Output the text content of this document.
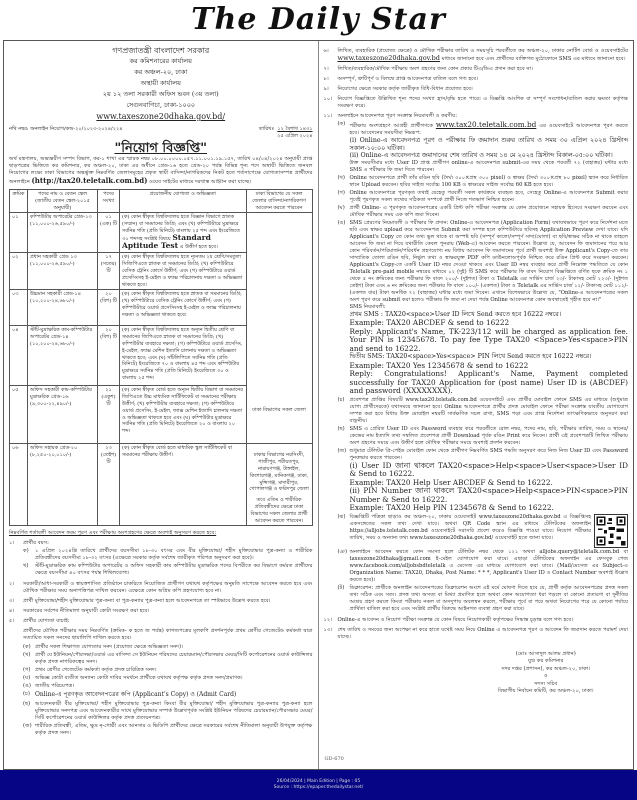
The Daily Star
গণপ্রজাতন্ত্রী বাংলাদেশ সরকার
কর কমিশনারের কার্যালয়
কর অঞ্চল-২০, ঢাকা
অস্থায়ী কার্যালয়
২য় ১২ তলা সরকারী অফিস ভবন (৩য় তলা)
সেগুনবাগিচা, ঢাকা-১০০০
www.taxeszone20dhaka.gov.bd/
নথি নম্বর: অনলাইন নিয়োগ/কঅ-২০/২০২৩-২০২৪/২২৪	তারিখঃ ১২ বৈশাখ ১৪৩১
২৫ এপ্রিল ২০২৪
"নিয়োগ বিজ্ঞপ্তি"

অর্থ মন্ত্রণালয়, অভ্যন্তরীণ সম্পদ বিভাগ, কর-১ শাখা এর স্মারক নম্বর ০৮.০০.০০০০.০৫৭.১১.০০১.১৯.১৫৭, তারিখ ০৪/০৪/২০২৪ অনুযায়ী প্রাপ্ত ছাড়পত্রের ভিত্তিতে কর কমিশনার, কর অঞ্চল-২০, ঢাকা এর অধীনে গ্রেড-১৬ হতে গ্রেড-২০ পর্যন্ত বিভিন্ন শূন্য পদে অস্থায়ী ভিত্তিতে জনবল নিয়োগের লক্ষ্যে ঢাকা বিভাগের অন্তর্ভুক্ত নিম্নবর্ণিত জেলাসমূহের প্রকৃত স্থায়ী বাসিন্দা/নাগরিকদের নিকট হতে শর্তসাপেক্ষে যোগ্যতাসম্পন্ন প্রার্থীদের অনলাইনে (http://tax20.teletalk.com.bd) ওয়েব সাইটের মাধ্যমে দরখাস্ত আহ্বান করা যাচ্ছে।

ক্রমিক	পদের নাম ও বেতন স্কেল (জাতীয় বেতন স্কেল-২০১৫ অনুযায়ী)	পদের সংখ্যা	প্রয়োজনীয় যোগ্যতা ও অভিজ্ঞতা	ঢাকা বিভাগের যে সকল জেলার বাসিন্দা/নাগরিকগণ আবেদন করতে পারবেন
০১	কম্পিউটার অপারেটর গ্রেড-১৩ (১১,০০০-২৬,৫৯০/-)	০১ (এক) টি	(ক) কোন স্বীকৃত বিশ্ববিদ্যালয় হতে বিজ্ঞান বিভাগে স্নাতক (সম্মান) বা সমমানের ডিগ্রি; এবং (খ) কম্পিউটারে মুদ্রাক্ষরে সর্বনিম্ন গতি (প্রতি মিনিটে) বাংলায় ২৫ শব্দ এবং ইংরেজিতে ৩০ শব্দসহ সংশ্লিষ্ট বিষয়ে Standard Aptitude Test এ উত্তীর্ণ হতে হবে।	ঢাকা বিভাগের সকল জেলা
০২	প্রধান সহকারী গ্রেড ১৩ (১১,০০০-২৬,৫৯০/-)	১৭ (সতের) টি	(ক) কোন স্বীকৃত বিশ্ববিদ্যালয় হতে ন্যূনতম ২য় শ্রেণি/সমতুল্য সিজিপিএতে স্নাতক বা সমমানের ডিগ্রি; (খ) কম্পিউটারে বেসিক ট্রেনিং কোর্সে উত্তীর্ণ; এবং (গ) কম্পিউটারে ওয়ার্ড প্রসেসিংসহ ই-মেইল ও ফ্যাক্স পরিচালনায় দক্ষতা ও অভিজ্ঞতা থাকতে হবে।	
০৩	উচ্চমান সহকারী গ্রেড-১৪ (১০,২০০-২৪,৬৮০/-)	২০ (বিশ) টি	(ক) কোন স্বীকৃত বিশ্ববিদ্যালয় হতে স্নাতক বা সমমানের ডিগ্রি; (খ) কম্পিউটারে বেসিক ট্রেনিং কোর্সে উত্তীর্ণ; এবং (গ) কম্পিউটারে ওয়ার্ড প্রসেসিংসহ ই-মেইল ও ফ্যাক্স পরিচালনায় দক্ষতা ও অভিজ্ঞতা থাকতে হবে।	
০৪	স্টাঁট-মুদ্রাক্ষরিক কাম-কম্পিউটার অপারেটর গ্রেড-১৪ (১০,২০০-২৪,৬৮০/-)	২০ (বিশ) টি	(ক) কোন স্বীকৃত বিশ্ববিদ্যালয় হতে অন্যূন দ্বিতীয় শ্রেণি বা সমমানের জিপিএতে স্নাতক বা সমমানের ডিগ্রি; (খ) কম্পিউটার ব্যবহারে দক্ষতা; (গ) কম্পিউটারে ওয়ার্ড প্রসেসিং, ই-মেইল, ফ্যাক্স মেশিন ইত্যাদি চালনায় দক্ষতা ও অভিজ্ঞতা থাকতে হবে; এবং (ঘ) সাঁটলিপিতে সর্বনিম্ন গতি (প্রতি মিনিটে) ইংরেজিতে ৭০ ও বাংলায় ৪৫ শব্দ এবং কম্পিউটার মুদ্রাক্ষরে সর্বনিম্ন গতি (প্রতি মিনিটে) ইংরেজিতে ৩০ ও বাংলায় ২৫ শব্দ।	
০৫	অফিস সহকারী কাম-কম্পিউটার মুদ্রাক্ষরিক গ্রেড-১৬ (৯,৩০০-২২,৪৯০/-)	২১ (একুশ) টি	(ক) কোন স্বীকৃত বোর্ড হতে অন্যূন দ্বিতীয় বিভাগ বা সমমানের জিপিএতে উচ্চ মাধ্যমিক সার্টিফিকেট বা সমমানের পরীক্ষায় উত্তীর্ণ; (খ) কম্পিউটার ব্যবহারে দক্ষতা; (গ) কম্পিউটারে ওয়ার্ড প্রসেসিং, ই-মেইল, ফ্যাক্স মেশিন ইত্যাদি চালনার দক্ষতা ও অভিজ্ঞতা থাকতে হবে এবং (ঘ) কম্পিউটার মুদ্রাক্ষরে সর্বনিম্ন গতি (প্রতি মিনিটে) ইংরেজিতে ২০ ও বাংলায় ২০ শব্দ।	
০৬	অফিস সহায়ক গ্রেড-২০ (৮,২৫০-২০,০১০/-)	২৩ (তেইশ) টি	(ক) কোন স্বীকৃত বোর্ড হতে মাধ্যমিক স্কুল সার্টিফিকেট বা সমমানের পরীক্ষায় উত্তীর্ণ।	ঢাকার বিভাগের নরসিংদী, গাজীপুর, শরীয়তপুর, নারায়ণগঞ্জ, টাঙ্গাইল, কিশোরগঞ্জ, মানিকগঞ্জ, ঢাকা, মুন্সিগঞ্জ, মাদারীপুর, গোপালগঞ্জ ও ফরিদপুর জেলা
তবে এতিম ও শারীরিক প্রতিবন্ধীদের ক্ষেত্রে ঢাকা বিভাগের সকল জেলার প্রার্থী আবেদন করতে পারবেন।

নিম্নবর্ণিত শর্তাবলী আবেদন ফরম পূরণ এবং পরীক্ষায় অংশগ্রহণের ক্ষেত্রে অবশ্যই অনুসরণ করতে হবে:

১।	প্রার্থীর বয়স:
ক)	১ এপ্রিল ২০২৪খ্রি তারিখে প্রার্থীদের বয়সসীমা ১৮-৩০ বৎসর এবং বীর মুক্তিযোদ্ধা/ শহীদ মুক্তিযোদ্ধার পুত্র-কন্যা ও শারীরিক প্রতিবন্ধীদের বয়সসীমা ১৮-৩২ বৎসর (এক্ষেত্রে সরকার কর্তৃক সর্বশেষ জারীকৃত পরিপত্র অনুসরণ করা হবে)।
খ)	স্টাঁট-মুদ্রাক্ষরিক কাম কম্পিউটার অপারেটর ও অফিস সহকারী কাম কম্পিউটার মুদ্রাক্ষরিক পদের বিপরীতে কর বিভাগে কর্মরত প্রার্থীদের ক্ষেত্রে বয়সসীমা ৪০ বৎসর পর্যন্ত শিথিলযোগ্য।
২।	সরকারী/আধা-সরকারী ও স্বায়ত্তশাসিত প্রতিষ্ঠানে চাকরিতে নিয়োজিত প্রার্থীগণ যথাযথ কর্তৃপক্ষের অনুমতি সাপেক্ষে আবেদন করতে হবে এবং মৌখিক পরীক্ষার সময় অনাপত্তিপত্র দাখিল করবেন। এক্ষেত্রে কোন অগ্রিম কপি গ্রহণযোগ্য হবে না।
৩।	প্রার্থী মুক্তিযোদ্ধা/শহীদ মুক্তিযোদ্ধার পুত্র-কন্যা বা পুত্র-কন্যার পুত্র-কন্যা হলে আবেদনপত্রে তা স্পষ্টভাবে উল্লেখ করতে হবে।
৪।	সরকারের সর্বশেষ নীতিমালা অনুযায়ী কোটা সংরক্ষণ করা হবে।
৫।	প্রার্থীর যোগ্যতা যাচাই:

প্রার্থীদের মৌখিক পরীক্ষার সময় নিম্নবর্ণিত (ক্রমিক- ক হতে জ পর্যন্ত) কাগজপত্রের মূলকপি প্রদর্শনপূর্বক প্রথম শ্রেণীর গেজেটেড কর্মকর্তা দ্বারা সত্যায়িত সকল সনদের ছায়ালিপি দাখিল করতে হবে।

(ক) প্রার্থীর সকল শিক্ষাগত যোগ্যতার সনদ (প্রযোজ্য ক্ষেত্রে অভিজ্ঞতা সনদ)।
(খ) প্রার্থী যে ইউনিয়ন/পৌরসভা/ওয়ার্ড এর বাসিন্দা সে ইউনিয়ন পরিষদের চেয়ারম্যান/পৌরসভার মেয়র/সিটি কর্পোরেশনের ওয়ার্ড কাউন্সিলর কর্তৃক প্রদত্ত নাগরিকত্বের সনদ।
(গ) প্রথম শ্রেণীর গেজেটেড কর্মকর্তা কর্তৃক প্রদত্ত চারিত্রিক সনদ।
(ঘ) অভিজ্ঞ কোটা ব্যতীত অন্যান্য কোটা দাবির সমর্থনে প্রার্থীকে যথাযথ কর্তৃপক্ষ কর্তৃক প্রদত্ত সনদ/প্রমাণক।
(ঙ) জাতীয় পরিচয়পত্র।
(চ) Online-এ পূরণকৃত আবেদনপত্রের কপি (Applicant's Copy) ও (Admit Card)
(ছ) আবেদনকারী বীর মুক্তিযোদ্ধা/ শহীদ মুক্তিযোদ্ধার পুত্র-কন্যা কিংবা বীর মুক্তিযোদ্ধা/ শহীদ মুক্তিযোদ্ধার পুত্র-কন্যার পুত্র-কন্যা হলে মুক্তিযোদ্ধার সনদপত্র এবং আবেদনকারীর সাথে মুক্তিযোদ্ধার সম্পর্ক উল্লেখপূর্বক সংশ্লিষ্ট ইউনিয়ন পরিষদের চেয়ারম্যান/পৌরসভার মেয়র/সিটি কর্পোরেশনের ওয়ার্ড কাউন্সিলর কর্তৃক প্রদত্ত প্রত্যয়নপত্র।
(জ) শারীরিক প্রতিবন্ধী, এতিম, ক্ষুদ্র নৃ-গোষ্ঠী এবং আনসার ও ভিডিপি প্রার্থীদের ক্ষেত্রে সরকারের সর্বশেষ নীতিমালা অনুযায়ী উপযুক্ত কর্তৃপক্ষ কর্তৃক প্রদত্ত সনদ।
৬।	লিখিত, ব্যবহারিক (প্রযোজ্য ক্ষেত্রে) ও মৌখিক পরীক্ষার তারিখ ও সময়সূচি পরবর্তীতে কর অঞ্চল-২০, ঢাকার নোটিশ বোর্ড ও ওয়েবসাইটের www.taxeszone20dhaka.gov.bd মাধ্যমে জানানো হবে এবং প্রার্থীদের ব্যক্তিগত মুঠোফোনে SMS এর মাধ্যমে জানানো হবে।
৭।	লিখিত/ব্যবহারিক/মৌখিক পরীক্ষায় অংশ গ্রহণের জন্য কোন প্রকার টিএ/ডিএ প্রদান করা হবে না।
৮।	অসম্পূর্ণ, ত্রুটিপূর্ণ ও বিলম্বে প্রাপ্ত আবেদনপত্র বাতিল বলে গণ্য হবে।
৯।	নিয়োগের ক্ষেত্রে সরকার কর্তৃক জারীকৃত বিধি-বিধান প্রযোজ্য হবে।
১০।	নিয়োগ বিজ্ঞপ্তিতে উল্লিখিত শূন্য পদের সংখ্যা হ্রাস/বৃদ্ধি হতে পারে। এ বিজ্ঞপ্তি আংশিক বা সম্পূর্ণ সংশোধন/বাতিল করার ক্ষমতা কর্তৃপক্ষ সংরক্ষণ করে।
১১।	অনলাইনে আবেদনপত্র পূরণ সংক্রান্ত নিয়মাবলী ও করণীয়:
(ক) পরীক্ষায় অংশগ্রহণে আগ্রহী প্রার্থীগণকে www.tax20.teletalk.com.bd এর ওয়েবসাইটে আবেদনপত্র পূরণ করতে হবে। আবেদনের সময়সীমা নিম্নরূপ:
(i) Online-এ আবেদনপত্র পূরণ ও পরীক্ষার ফি জমাদান শুরুর তারিখ ও সময় ৩০ এপ্রিল ২০২৪ খ্রিস্টাব্দ সকাল-১০:০০ ঘটিকা।
(ii) Online-এ আবেদনপত্র জমাদানের শেষ তারিখ ও সময় ১৪ মে ২০২৪ খ্রিস্টাব্দ বিকাল-০৫:০০ ঘটিকা।
উক্ত সময়সীমার মধ্যে User ID প্রাপ্ত প্রার্থীগণ online-এ আবেদনপত্র submit-এর সময় থেকে পরবর্তী ৭২ (বাহাত্তর) ঘন্টার মধ্যে SMS এ পরীক্ষার ফি জমা দিতে পারবেন।
(খ) Online আবেদনপত্রে প্রার্থী তাঁর রঙিন ছবি (দৈর্ঘ্য ৩০০×প্রস্থ ৩০০ pixel) ও স্বাক্ষর (দৈর্ঘ্য ৩০০×প্রস্থ ৮০ pixel) স্ক্যান করে নির্ধারিত স্থানে Upload করবেন। ছবির সাইজ সর্বোচ্চ 100 KB ও স্বাক্ষরের সাইজ সর্বোচ্চ 60 KB হতে হবে।
(গ) Online আবেদনপত্রে পূরণকৃত তথ্যই যেহেতু পরবর্তী সকল কার্যক্রমে ব্যবহৃত হবে, সেহেতু Online-এ আবেদনপত্র Submit করার পূর্বেই পূরণকৃত সকল তথ্যের সঠিকতা সম্পর্কে প্রার্থী নিজে শতভাগ নিশ্চিত হবেন।
(ঘ) প্রার্থী Online- এ পূরণকৃত আবেদনপত্রের একটি প্রিন্ট কপি পরীক্ষা সংক্রান্ত যে কোন প্রয়োজনে সহায়ক হিসেবে সংরক্ষণ করবেন এবং মৌখিক পরীক্ষার সময় এক কপি জমা দিবেন।
(ঙ) SMS প্রেরণের নিয়মাবলী ও পরীক্ষার ফি প্রদান: Online-এ আবেদনপত্র (Application Form) যথাযথভাবে পূরণ করে নির্দেশনা মতে ছবি এবং স্বাক্ষর upload করে আবেদনপত্র Submit করা সম্পন্ন হলে কম্পিউটারে ছবিসহ Application Preview দেখা যাবে। যদি Applicant's Copy তে কোন তথ্য ভুল থাকে বা অস্পষ্ট ছবি (সম্পূর্ণ কালো/সম্পূর্ণ সাদা/ঘোলা) বা ছবি/স্বাক্ষর সঠিক না থাকে তাহলে আবেদন ফি জমা না দিয়ে যথারীতি কেবল পুনরায় (Web-এ) আবেদন করতে পারবেন। উল্লেখ্য যে, আবেদন ফি জমাদানের পরে আর কোন পরিবর্তন/পরিমার্জন/পরিবর্ধন গ্রহণযোগ্য নয় বিধায় আবেদন ফি জমাদানের পূর্বে প্রার্থী অবশ্যই উক্ত Applicant's Copy-তে তার সাম্প্রতিক তোলা রঙিন ছবি, নির্ভুল তথ্য ও স্বাক্ষরযুক্ত PDF কপি ডাউনলোডপূর্বক নিশ্চিত করে রঙিন প্রিন্ট করে সংরক্ষণ করবেন। Applicant's Copy-তে একটি User ID নম্বর দেওয়া থাকবে এবং User ID নম্বর ব্যবহার করে প্রার্থী নিম্নোক্ত পদ্ধতিতে যে কোন Teletalk pre-paid mobile নম্বরের মাধ্যমে ০২ (দুই) টি SMS করে পরীক্ষার ফি বাবদ নিয়োগ বিজ্ঞপ্তিতে বর্ণিত ছকে ক্রমিক নং ১ থেকে ৫ নং ক্রমিকের জন্য পরীক্ষার ফি বাবদ ২০০/- (দুইশত) টাকা ও Teletalk এর সার্ভিস চার্জ ২৩/- টাকাসহ মোট ২২৩/- (দুইশত তেইশ) টাকা এবং ৬ নং ক্রমিকের জন্য পরীক্ষার ফি বাবদ ১০০/- (একশত) টাকা ও Teletalk এর সার্ভিস চার্জ ১২/- টাকাসহ মোট ১১২/- (একশত বার) টাকা অনধিক ৭২ (বাহাত্তর) ঘন্টার মধ্যে জমা দিবেন। এখানে বিশেষভাবে উল্লেখ্য যে, "Online-এ আবেদনপত্রের সকল অংশ পূরণ করে submit করা হলেও পরীক্ষার ফি জমা না দেয়া পর্যন্ত Online আবেদনপত্র কোন অবস্থাতেই গৃহীত হবে না।"
SMS নিয়মাবলী:
প্রথম SMS : TAX20<space>User ID লিখে Send করতে হবে 16222 নম্বরে।
Example: TAX20 ABCDEF & send to 16222
Reply: Applicant's Name, TK-223/112 will be charged as application fee. Your PIN is 12345678. To pay fee Type TAX20 <Space>Yes<space>PIN and send to 16222.
দ্বিতীয় SMS: TAX20<space>Yes<space> PIN লিখে Send করতে হবে 16222 নম্বরে।
Example: TAX20 Yes 12345678 & send to 16222
Reply: Congratulations! Applicant's Name, Payment completed successfully for TAX20 Application for (post name) User ID is (ABCDEF) and password (XXXXXXXX).
(চ) প্রবেশপত্র প্রাপ্তির বিষয়টি www.tax20.teletalk.com.bd ওয়েবসাইটে এবং প্রার্থীর মোবাইল ফোনে SMS এর মাধ্যমে (শুধুমাত্র যোগ্য প্রার্থীদেরকে) যথাসময়ে জানানো হবে। Online আবেদনপত্রে প্রার্থীর প্রদত্ত মোবাইল ফোনে পরীক্ষা সংক্রান্ত যাবতীয় যোগাযোগ সম্পন্ন করা হবে বিধায় উক্ত মোবাইল নম্বরটি সার্বক্ষণিক সচল রাখা, SMS পড়া এবং প্রাপ্ত নির্দেশনা তাৎক্ষণিকভাবে অনুসরণ করা বাঞ্ছনীয়।
(ছ) SMS এ প্রেরিত User ID এবং Password ব্যবহার করে পরবর্তীতে রোল নম্বর, পদের নাম, ছবি, পরীক্ষার তারিখ, সময় ও স্থানের/কেন্দ্রের নাম ইত্যাদি তথ্য সম্বলিত প্রবেশপত্র প্রার্থী Download পূর্বক রঙিন Print করে নিবেন। প্রার্থী এই প্রবেশপত্রটি লিখিত পরীক্ষায় অংশ গ্রহণের সময়ে এবং উত্তীর্ণ হলে মৌখিক পরীক্ষার সময়ে অবশ্যই প্রদর্শন করবেন।
(জ) শুধুমাত্র টেলিটক প্রি-পেইড মোবাইল ফোন থেকে প্রার্থীগণ নিম্নবর্ণিত SMS পদ্ধতি অনুসরণ করে নিজ নিজ User ID এবং Password পুনরুদ্ধার করতে পারবেন।
(i) User ID জানা থাকলে TAX20<space>Help<space>User<space>User ID & Send to 16222.
Example: TAX20 Help User ABCDEF & Send to 16222.
(ii) PIN Number জানা থাকলে TAX20<space>Help<space>PIN<space>PIN Number & Send to 16222.
Example: TAX20 Help PIN 12345678 & Send to 16222.
(ঝ) বিজ্ঞপ্তিটি পত্রিকা ছাড়াও কর অঞ্চল-২০, ঢাকার ওয়েবসাইট www.taxeszone20dhaka.gov.bd এ বিজ্ঞপ্তিসহ একসঙ্গেতের সকল তথ্য দেখা যাবে। অথবা QR Code স্ক্যান এর মাধ্যমে টেলিটকের অফলাইন https://alljobs.teletalk.com.bd ওয়েবসাইটে সরাসরি প্রবেশ করেও বিজ্ঞপ্তি পাওয়া যাবে। নিয়োগ পরীক্ষার তারিখ, সময় ও অন্যান্য তথ্য www.taxeszone20dhaka.gov.bd/ ওয়েবসাইট হতে জানা যাবে।
(ঞ) অনলাইনে আবেদন করতে কোন সমস্যা হলে টেলিটক নম্বর থেকে ১২১ অথবা alljobs.query@teletalk.com.bd বা taxeszone20dhaka@gmail.com ই-মেইল যোগাযোগ করা যাবে। এছাড়া টেলিটকের অফলাইন এর ফেসবুক পেজ www.facebook.com/alljobsbdteletalk এ মেসেজ এর মাধ্যমে যোগাযোগ করা যাবে। (Mail/মেসেজ এর Subject-এ Organization Name: TAX20, Dhaka, Post Name: * * *, Applicant's User ID ও Contact Number অবশ্যই উল্লেখ করতে হবে)।
(ট) ডিক্লারেশন: প্রার্থীকে অনলাইন আবেদনপত্রের ডিক্লারেশন অংশে এই মর্মে ঘোষণা দিতে হবে যে, প্রার্থী কর্তৃক আবেদনপত্রের প্রদত্ত সকল তথ্য সঠিক এবং সত্য। প্রদত্ত তথ্য অসত্য বা মিথ্যা প্রমাণিত হলে অথবা কোন অযোগ্যতা ধরা পড়লে বা কোনো প্রতারণা বা দুর্নীতির আশ্রয় গ্রহণ করলে কিংবা পরীক্ষায় নকল বা অসদুপায় অবলম্বন করলে, পরীক্ষার পূর্বে বা পরে অথবা নিয়োগের পরে যে কোনো পর্যায়ে প্রার্থিতা বাতিল করা হবে এবং সংশ্লিষ্ট প্রার্থীর বিরুদ্ধে আইনগত ব্যবস্থা গ্রহণ করা যাবে।
১২।	Online-এ আবেদন ও নিয়োগ পরীক্ষা সংক্রান্ত যে কোন বিষয়ে নিয়োগকারী কর্তৃপক্ষের সিদ্ধান্ত চূড়ান্ত বলে গণ্য হবে।
১৩।	শেষ তারিখ ও সময়ের জন্য অপেক্ষা না করে হাতে যথেষ্ট সময় নিয়ে Online এ আবেদনপত্র পূরণ ও আবেদন ফি জমাদান করতে পরামর্শ দেয়া যাচ্ছে।
(মোঃ আসাদুল আলম প্রধান)
যুগ্ম কর কমিশনার
সদর দপ্তর (প্রশাসন), কর অঞ্চল-২০, ঢাকা।
ও
সদস্য সচিব
বিভাগীয় নির্বাচন কমিটি, কর অঞ্চল-২০, ঢাকা।
GD-670
26/04/2024 | Main Edition | Page : 05
Source : https://epaper.thedailystar.net/
